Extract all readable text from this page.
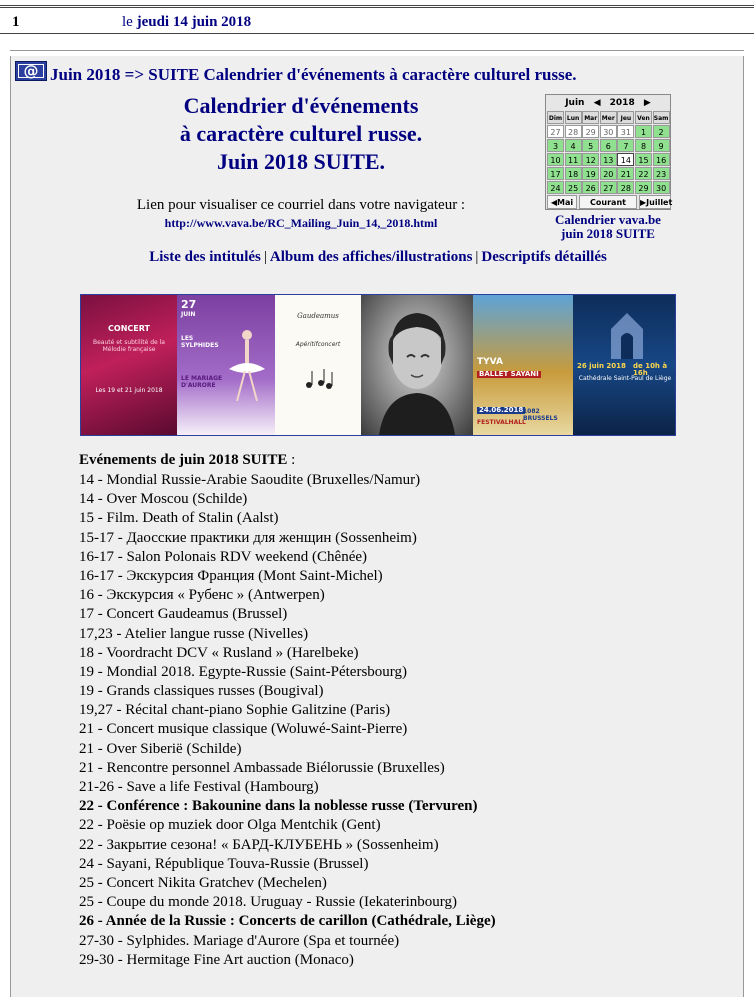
1	le jeudi 14 juin 2018
@ Juin 2018 => SUITE Calendrier d'événements à caractère culturel russe.
Calendrier d'événements
à caractère culturel russe.
Juin 2018 SUITE.
Lien pour visualiser ce courriel dans votre navigateur :
http://www.vava.be/RC_Mailing_Juin_14,_2018.html
Juin ◀ 2018 ▶
Dim Lun Mar Mer Jeu	Ven Sam
27 28 29 30 31	1	2
3	4	5	6	7	8	9
10 11 12 13 14 15 16
17 18 19 20 21 22 23
24 25 26 27 28 29 30
◀Mai	Courant	▶Juillet
Calendrier vava.be
juin 2018 SUITE
Liste des intitulés | Album des affiches/illustrations | Descriptifs détaillés
CONCERT
Beauté et subtilité de la Mélodie française
Les 19 et 21 juin 2018
27
JUIN
LES SYLPHIDES
LE MARIAGE D'AURORE
Gaudeamus
Apéritifconcert
TYVA
BALLET SAYANI
24.06.2018 1082 BRUSSELS
FESTIVALHALL
26 juin 2018 de 10h à 16h
Cathédrale Saint-Paul de Liège
Evénements de juin 2018 SUITE :
14 - Mondial Russie-Arabie Saoudite (Bruxelles/Namur)
14 - Over Moscou (Schilde)
15 - Film. Death of Stalin (Aalst)
15-17 - Даосские практики для женщин (Sossenheim)
16-17 - Salon Polonais RDV weekend (Chênée)
16-17 - Экскурсия Франция (Mont Saint-Michel)
16 - Экскурсия « Рубенс » (Antwerpen)
17 - Concert Gaudeamus (Brussel)
17,23 - Atelier langue russe (Nivelles)
18 - Voordracht DCV « Rusland » (Harelbeke)
19 - Mondial 2018. Egypte-Russie (Saint-Pétersbourg)
19 - Grands classiques russes (Bougival)
19,27 - Récital chant-piano Sophie Galitzine (Paris)
21 - Concert musique classique (Woluwé-Saint-Pierre)
21 - Over Siberië (Schilde)
21 - Rencontre personnel Ambassade Biélorussie (Bruxelles)
21-26 - Save a life Festival (Hambourg)
22 - Conférence : Bakounine dans la noblesse russe (Tervuren)
22 - Poësie op muziek door Olga Mentchik (Gent)
22 - Закрытие сезона! « БАРД-КЛУБЕНЬ » (Sossenheim)
24 - Sayani, République Touva-Russie (Brussel)
25 - Concert Nikita Gratchev (Mechelen)
25 - Coupe du monde 2018. Uruguay - Russie (Iekaterinbourg)
26 - Année de la Russie : Concerts de carillon (Cathédrale, Liège)
27-30 - Sylphides. Mariage d'Aurore (Spa et tournée)
29-30 - Hermitage Fine Art auction (Monaco)
